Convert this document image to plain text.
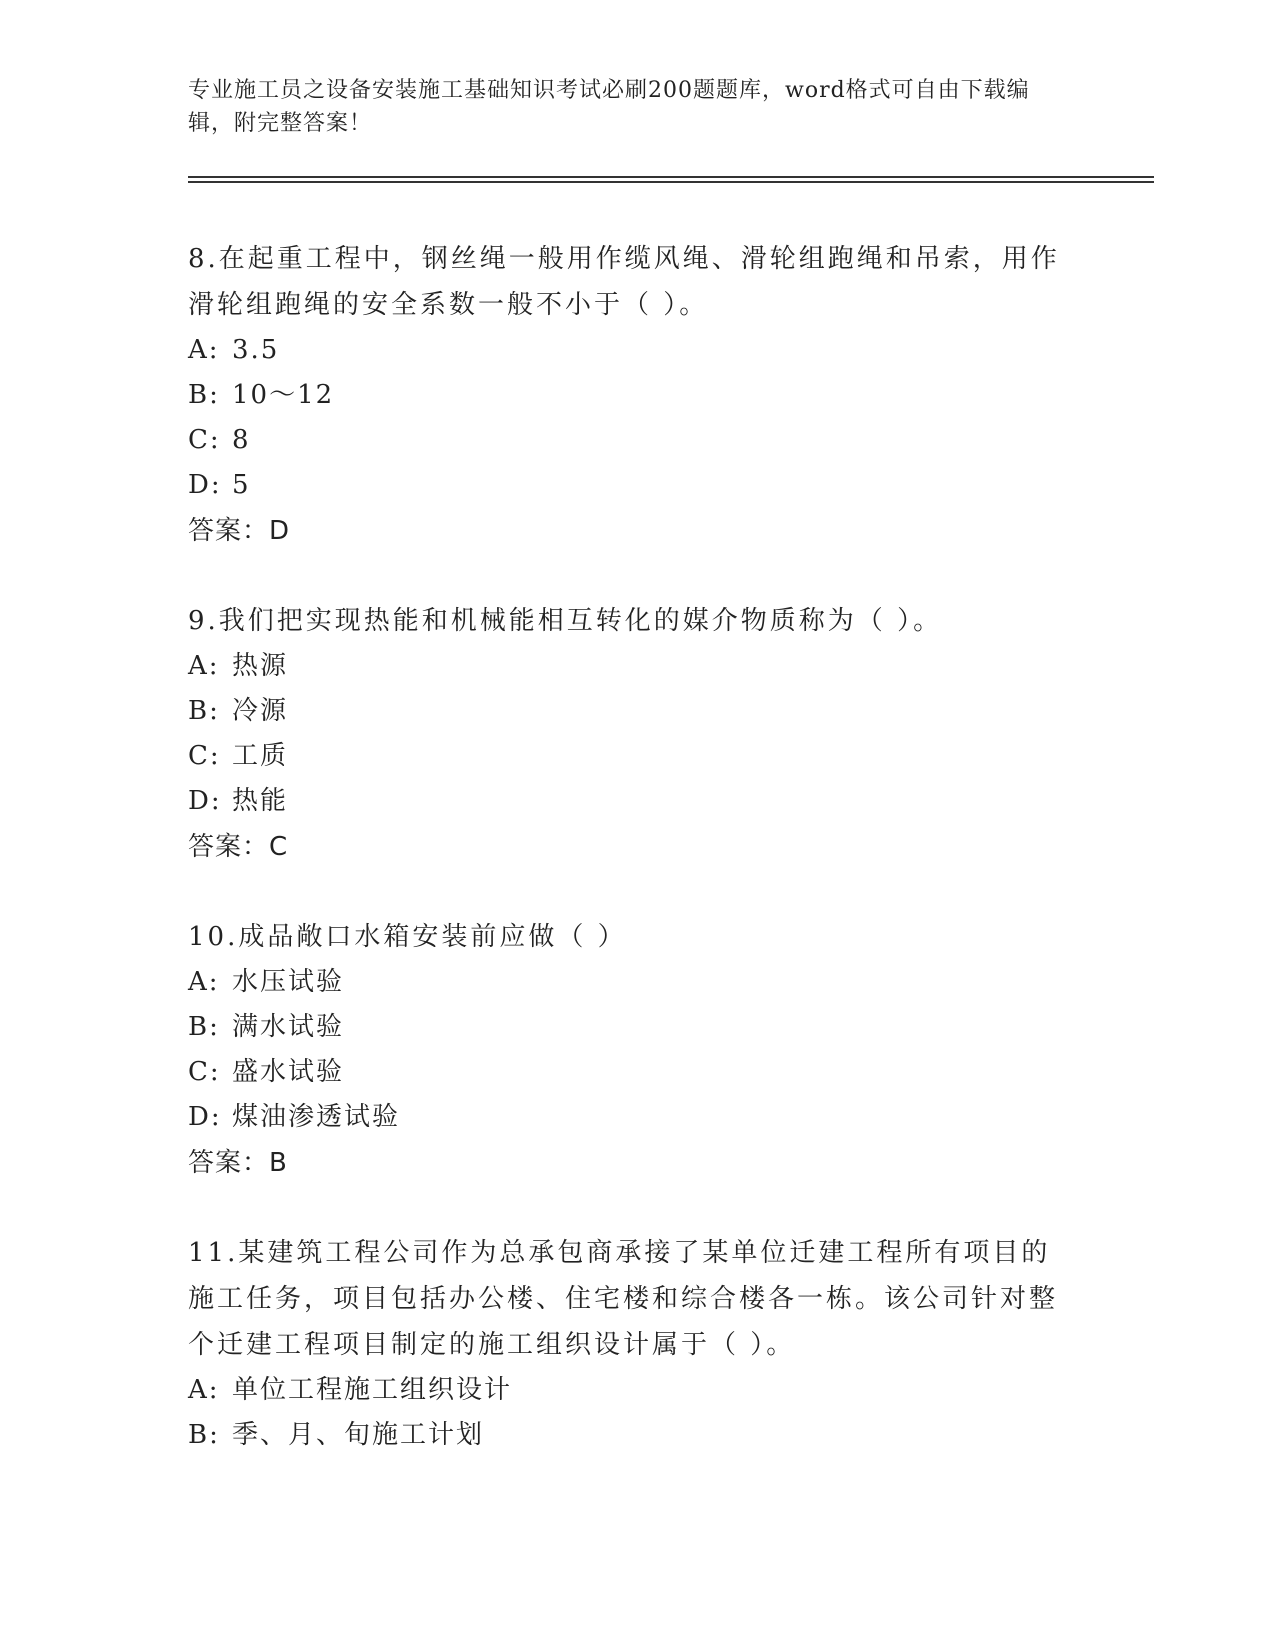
专业施工员之设备安装施工基础知识考试必刷200题题库，word格式可自由下载编辑，附完整答案！
8.在起重工程中，钢丝绳一般用作缆风绳、滑轮组跑绳和吊索，用作滑轮组跑绳的安全系数一般不小于（ ）。
A: 3.5
B: 10～12
C: 8
D: 5
答案：D
9.我们把实现热能和机械能相互转化的媒介物质称为（ ）。
A: 热源
B: 冷源
C: 工质
D: 热能
答案：C
10.成品敞口水箱安装前应做（ ）
A: 水压试验
B: 满水试验
C: 盛水试验
D: 煤油渗透试验
答案：B
11.某建筑工程公司作为总承包商承接了某单位迁建工程所有项目的施工任务，项目包括办公楼、住宅楼和综合楼各一栋。该公司针对整个迁建工程项目制定的施工组织设计属于（ ）。
A: 单位工程施工组织设计
B: 季、月、旬施工计划
